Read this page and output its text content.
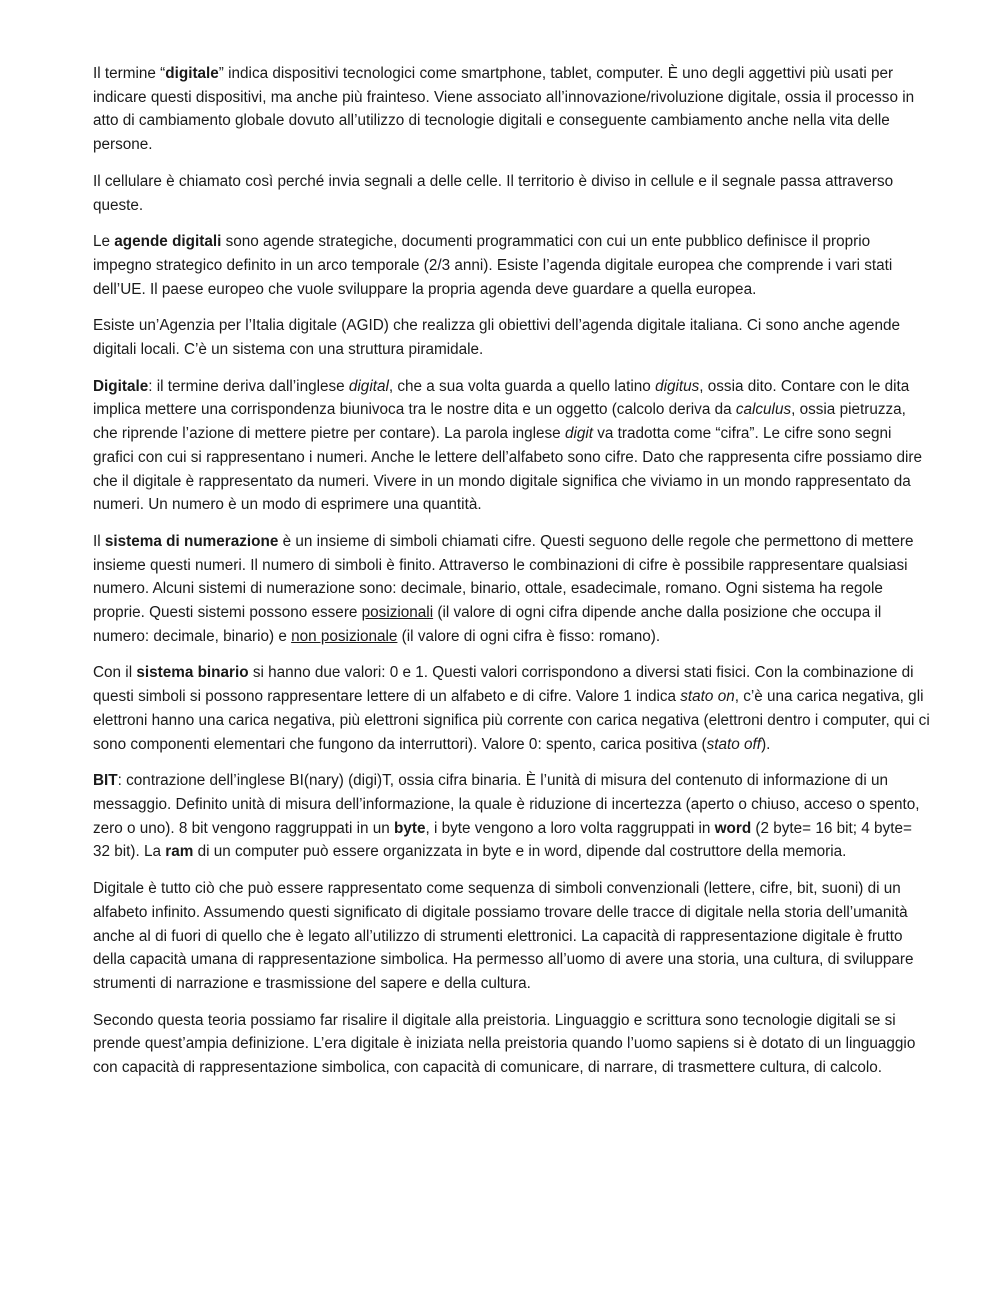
Il termine “digitale” indica dispositivi tecnologici come smartphone, tablet, computer. È uno degli aggettivi più usati per indicare questi dispositivi, ma anche più frainteso. Viene associato all’innovazione/rivoluzione digitale, ossia il processo in atto di cambiamento globale dovuto all’utilizzo di tecnologie digitali e conseguente cambiamento anche nella vita delle persone.

Il cellulare è chiamato così perché invia segnali a delle celle. Il territorio è diviso in cellule e il segnale passa attraverso queste.

Le agende digitali sono agende strategiche, documenti programmatici con cui un ente pubblico definisce il proprio impegno strategico definito in un arco temporale (2/3 anni). Esiste l’agenda digitale europea che comprende i vari stati dell’UE. Il paese europeo che vuole sviluppare la propria agenda deve guardare a quella europea.

Esiste un’Agenzia per l’Italia digitale (AGID) che realizza gli obiettivi dell’agenda digitale italiana. Ci sono anche agende digitali locali. C’è un sistema con una struttura piramidale.

Digitale: il termine deriva dall’inglese digital, che a sua volta guarda a quello latino digitus, ossia dito. Contare con le dita implica mettere una corrispondenza biunivoca tra le nostre dita e un oggetto (calcolo deriva da calculus, ossia pietruzza, che riprende l’azione di mettere pietre per contare). La parola inglese digit va tradotta come “cifra”. Le cifre sono segni grafici con cui si rappresentano i numeri. Anche le lettere dell’alfabeto sono cifre. Dato che rappresenta cifre possiamo dire che il digitale è rappresentato da numeri. Vivere in un mondo digitale significa che viviamo in un mondo rappresentato da numeri. Un numero è un modo di esprimere una quantità.

Il sistema di numerazione è un insieme di simboli chiamati cifre. Questi seguono delle regole che permettono di mettere insieme questi numeri. Il numero di simboli è finito. Attraverso le combinazioni di cifre è possibile rappresentare qualsiasi numero. Alcuni sistemi di numerazione sono: decimale, binario, ottale, esadecimale, romano. Ogni sistema ha regole proprie. Questi sistemi possono essere posizionali (il valore di ogni cifra dipende anche dalla posizione che occupa il numero: decimale, binario) e non posizionale (il valore di ogni cifra è fisso: romano).

Con il sistema binario si hanno due valori: 0 e 1. Questi valori corrispondono a diversi stati fisici. Con la combinazione di questi simboli si possono rappresentare lettere di un alfabeto e di cifre. Valore 1 indica stato on, c’è una carica negativa, gli elettroni hanno una carica negativa, più elettroni significa più corrente con carica negativa (elettroni dentro i computer, qui ci sono componenti elementari che fungono da interruttori). Valore 0: spento, carica positiva (stato off).

BIT: contrazione dell’inglese BI(nary) (digi)T, ossia cifra binaria. È l’unità di misura del contenuto di informazione di un messaggio. Definito unità di misura dell’informazione, la quale è riduzione di incertezza (aperto o chiuso, acceso o spento, zero o uno). 8 bit vengono raggruppati in un byte, i byte vengono a loro volta raggruppati in word (2 byte= 16 bit; 4 byte= 32 bit). La ram di un computer può essere organizzata in byte e in word, dipende dal costruttore della memoria.

Digitale è tutto ciò che può essere rappresentato come sequenza di simboli convenzionali (lettere, cifre, bit, suoni) di un alfabeto infinito. Assumendo questi significato di digitale possiamo trovare delle tracce di digitale nella storia dell’umanità anche al di fuori di quello che è legato all’utilizzo di strumenti elettronici. La capacità di rappresentazione digitale è frutto della capacità umana di rappresentazione simbolica. Ha permesso all’uomo di avere una storia, una cultura, di sviluppare strumenti di narrazione e trasmissione del sapere e della cultura.

Secondo questa teoria possiamo far risalire il digitale alla preistoria. Linguaggio e scrittura sono tecnologie digitali se si prende quest’ampia definizione. L’era digitale è iniziata nella preistoria quando l’uomo sapiens si è dotato di un linguaggio con capacità di rappresentazione simbolica, con capacità di comunicare, di narrare, di trasmettere cultura, di calcolo.
